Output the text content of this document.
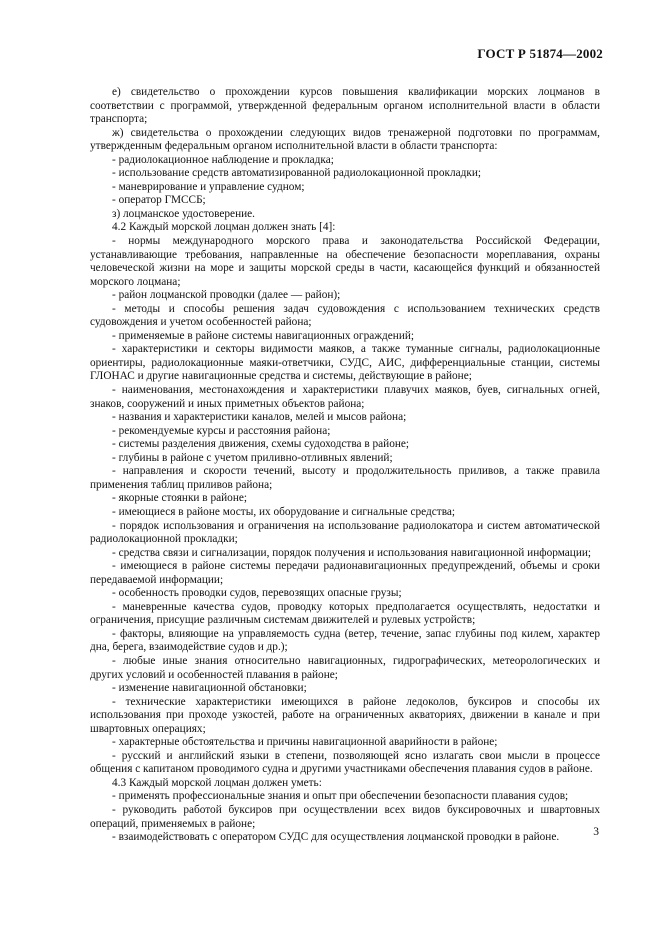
ГОСТ Р 51874—2002

е) свидетельство о прохождении курсов повышения квалификации морских лоцманов в соответствии с программой, утвержденной федеральным органом исполнительной власти в области транспорта;

ж) свидетельства о прохождении следующих видов тренажерной подготовки по программам, утвержденным федеральным органом исполнительной власти в области транспорта:

- радиолокационное наблюдение и прокладка;

- использование средств автоматизированной радиолокационной прокладки;

- маневрирование и управление судном;

- оператор ГМССБ;

з) лоцманское удостоверение.

4.2 Каждый морской лоцман должен знать [4]:

- нормы международного морского права и законодательства Российской Федерации, устанавливающие требования, направленные на обеспечение безопасности мореплавания, охраны человеческой жизни на море и защиты морской среды в части, касающейся функций и обязанностей морского лоцмана;

- район лоцманской проводки (далее — район);

- методы и способы решения задач судовождения с использованием технических средств судовождения и учетом особенностей района;

- применяемые в районе системы навигационных ограждений;

- характеристики и секторы видимости маяков, а также туманные сигналы, радиолокационные ориентиры, радиолокационные маяки-ответчики, СУДС, АИС, дифференциальные станции, системы ГЛОНАС и другие навигационные средства и системы, действующие в районе;

- наименования, местонахождения и характеристики плавучих маяков, буев, сигнальных огней, знаков, сооружений и иных приметных объектов района;

- названия и характеристики каналов, мелей и мысов района;

- рекомендуемые курсы и расстояния района;

- системы разделения движения, схемы судоходства в районе;

- глубины в районе с учетом приливно-отливных явлений;

- направления и скорости течений, высоту и продолжительность приливов, а также правила применения таблиц приливов района;

- якорные стоянки в районе;

- имеющиеся в районе мосты, их оборудование и сигнальные средства;

- порядок использования и ограничения на использование радиолокатора и систем автоматической радиолокационной прокладки;

- средства связи и сигнализации, порядок получения и использования навигационной информации;

- имеющиеся в районе системы передачи радионавигационных предупреждений, объемы и сроки передаваемой информации;

- особенность проводки судов, перевозящих опасные грузы;

- маневренные качества судов, проводку которых предполагается осуществлять, недостатки и ограничения, присущие различным системам движителей и рулевых устройств;

- факторы, влияющие на управляемость судна (ветер, течение, запас глубины под килем, характер дна, берега, взаимодействие судов и др.);

- любые иные знания относительно навигационных, гидрографических, метеорологических и других условий и особенностей плавания в районе;

- изменение навигационной обстановки;

- технические характеристики имеющихся в районе ледоколов, буксиров и способы их использования при проходе узкостей, работе на ограниченных акваториях, движении в канале и при швартовных операциях;

- характерные обстоятельства и причины навигационной аварийности в районе;

- русский и английский языки в степени, позволяющей ясно излагать свои мысли в процессе общения с капитаном проводимого судна и другими участниками обеспечения плавания судов в районе.

4.3 Каждый морской лоцман должен уметь:

- применять профессиональные знания и опыт при обеспечении безопасности плавания судов;

- руководить работой буксиров при осуществлении всех видов буксировочных и швартовных операций, применяемых в районе;

- взаимодействовать с оператором СУДС для осуществления лоцманской проводки в районе.	3
